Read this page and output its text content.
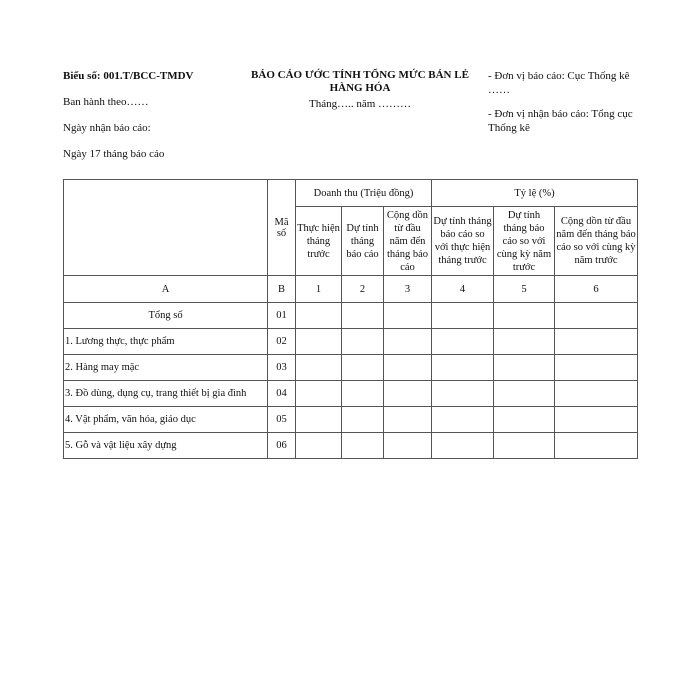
Biểu số: 001.T/BCC-TMDV
Ban hành theo……
Ngày nhận báo cáo:
Ngày 17 tháng báo cáo
BÁO CÁO ƯỚC TÍNH TỔNG MỨC BÁN LẺ HÀNG HÓA
Tháng….. năm ………
- Đơn vị báo cáo: Cục Thống kê ……
- Đơn vị nhận báo cáo: Tổng cục Thống kê
	Mã số	Doanh thu (Triệu đồng)			Tỷ lệ (%)		
		Thực hiện tháng trước	Dự tính tháng báo cáo	Cộng dồn từ đầu năm đến tháng báo cáo	Dự tính tháng báo cáo so với thực hiện tháng trước	Dự tính tháng báo cáo so với cùng kỳ năm trước	Cộng dồn từ đầu năm đến tháng báo cáo so với cùng kỳ năm trước
A	B	1	2	3	4	5	6
Tổng số	01						
1. Lương thực, thực phẩm	02						
2. Hàng may mặc	03						
3. Đồ dùng, dụng cụ, trang thiết bị gia đình	04						
4. Vật phẩm, văn hóa, giáo dục	05						
5. Gỗ và vật liệu xây dựng	06						
